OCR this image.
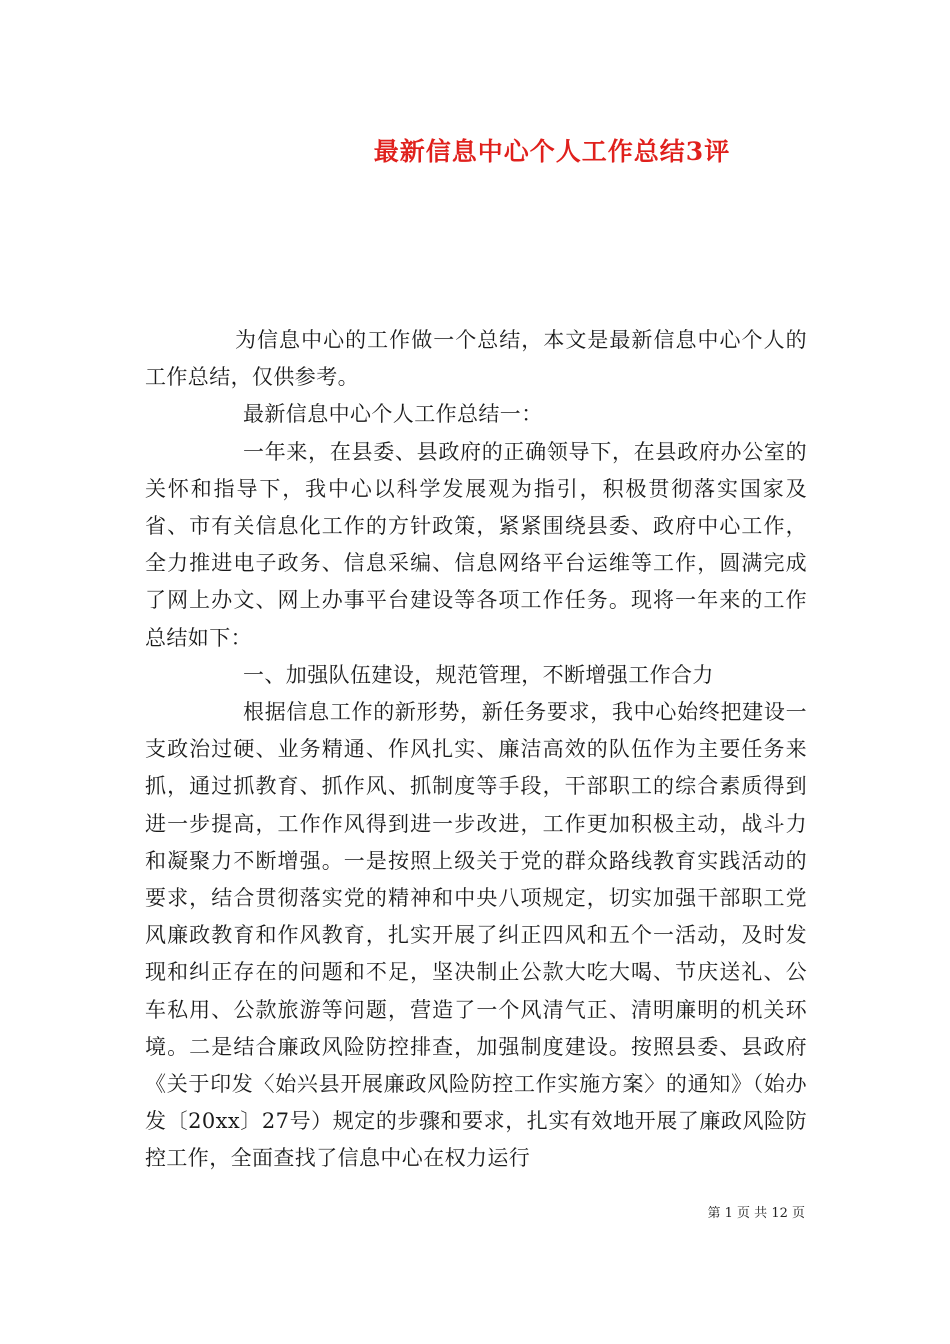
最新信息中心个人工作总结3评

为信息中心的工作做一个总结，本文是最新信息中心个人的工作总结，仅供参考。

最新信息中心个人工作总结一：

一年来，在县委、县政府的正确领导下，在县政府办公室的关怀和指导下，我中心以科学发展观为指引，积极贯彻落实国家及省、市有关信息化工作的方针政策，紧紧围绕县委、政府中心工作，全力推进电子政务、信息采编、信息网络平台运维等工作，圆满完成了网上办文、网上办事平台建设等各项工作任务。现将一年来的工作总结如下：

一、加强队伍建设，规范管理，不断增强工作合力

根据信息工作的新形势，新任务要求，我中心始终把建设一支政治过硬、业务精通、作风扎实、廉洁高效的队伍作为主要任务来抓，通过抓教育、抓作风、抓制度等手段，干部职工的综合素质得到进一步提高，工作作风得到进一步改进，工作更加积极主动，战斗力和凝聚力不断增强。一是按照上级关于党的群众路线教育实践活动的要求，结合贯彻落实党的精神和中央八项规定，切实加强干部职工党风廉政教育和作风教育，扎实开展了纠正四风和五个一活动，及时发现和纠正存在的问题和不足，坚决制止公款大吃大喝、节庆送礼、公车私用、公款旅游等问题，营造了一个风清气正、清明廉明的机关环境。二是结合廉政风险防控排查，加强制度建设。按照县委、县政府《关于印发〈始兴县开展廉政风险防控工作实施方案〉的通知》（始办发〔20xx〕27号）规定的步骤和要求，扎实有效地开展了廉政风险防控工作，全面查找了信息中心在权力运行

第 1 页 共 12 页
